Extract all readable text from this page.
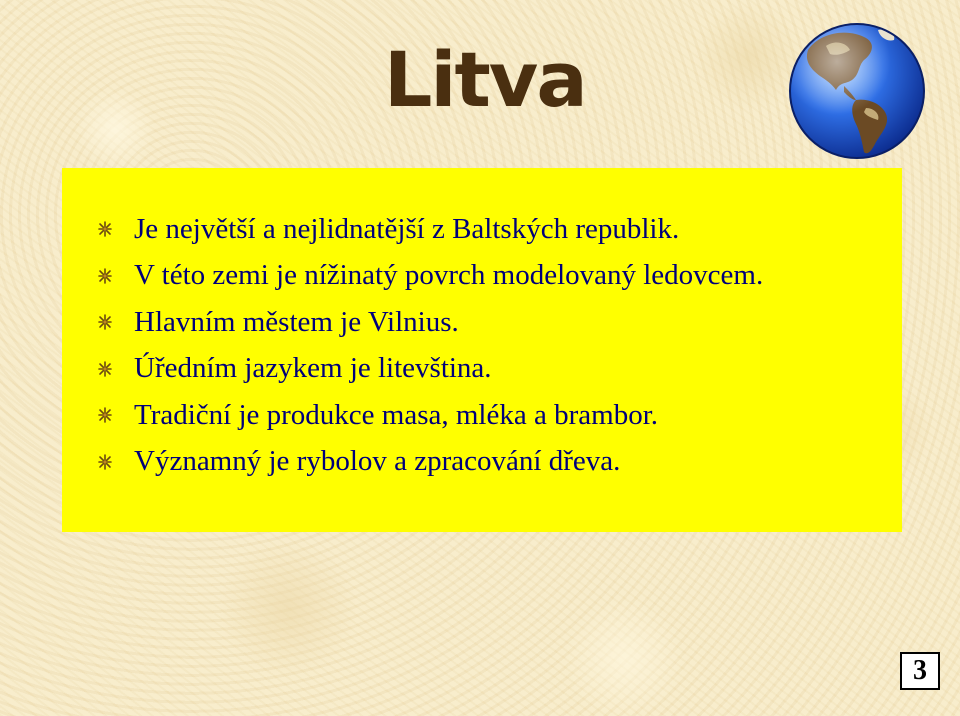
Litva
Je největší a nejlidnatější z Baltských republik.
V této zemi je nížinatý povrch modelovaný ledovcem.
Hlavním městem je Vilnius.
Úředním jazykem je litevština.
Tradiční je produkce masa, mléka a brambor.
Významný je rybolov a zpracování dřeva.
3
